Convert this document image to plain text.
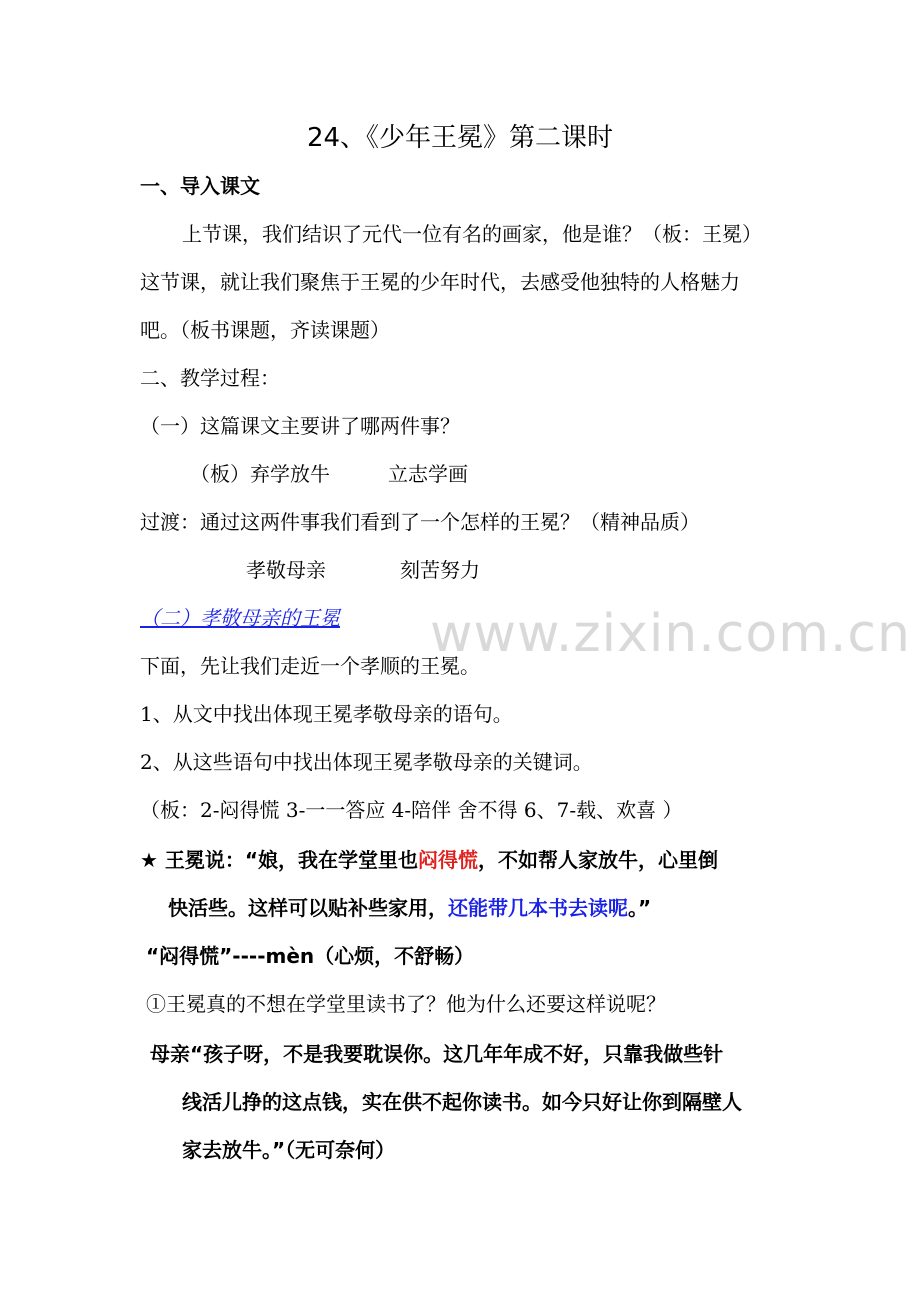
24、《少年王冕》第二课时
一、导入课文
上节课，我们结识了元代一位有名的画家，他是谁？（板：王冕）
这节课，就让我们聚焦于王冕的少年时代，去感受他独特的人格魅力
吧。（板书课题，齐读课题）
二、教学过程：
（一）这篇课文主要讲了哪两件事？
（板）弃学放牛	立志学画
过渡：通过这两件事我们看到了一个怎样的王冕？（精神品质）
孝敬母亲	刻苦努力
www.zixin.com.cn
（二）孝敬母亲的王冕
下面，先让我们走近一个孝顺的王冕。
1、从文中找出体现王冕孝敬母亲的语句。
2、从这些语句中找出体现王冕孝敬母亲的关键词。
（板：2-闷得慌 3-一一答应 4-陪伴 舍不得 6、7-载、欢喜 ）
★ 王冕说：“娘，我在学堂里也闷得慌，不如帮人家放牛，心里倒
快活些。这样可以贴补些家用，还能带几本书去读呢。”
“闷得慌”----mèn（心烦，不舒畅）
①王冕真的不想在学堂里读书了？他为什么还要这样说呢？
母亲“孩子呀，不是我要耽误你。这几年年成不好，只靠我做些针
线活儿挣的这点钱，实在供不起你读书。如今只好让你到隔壁人
家去放牛。”（无可奈何）
